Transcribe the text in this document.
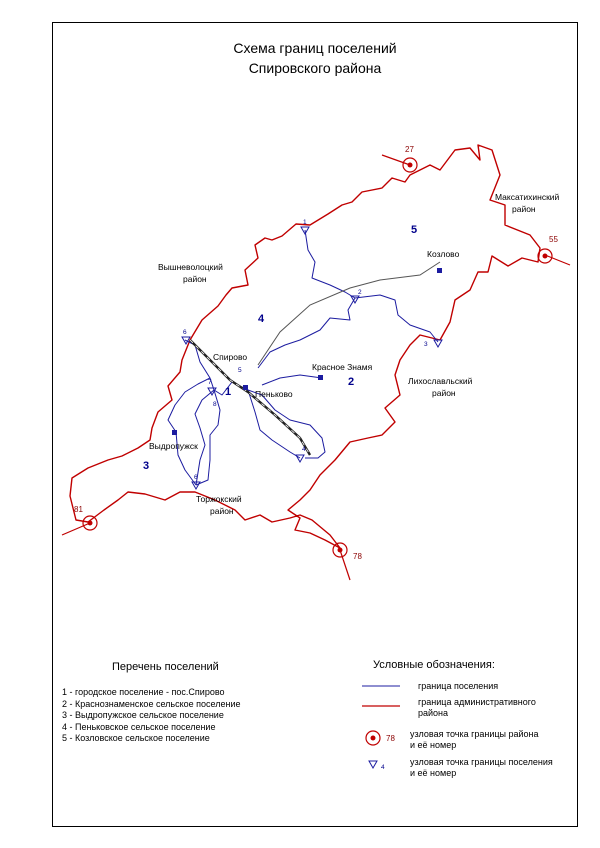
Схема границ поселений
Спировского района
27
55
78
81
1
2
3
4
5
6
6
7
8
5
4
2
1
3
Козлово
Красное Знамя
Спирово
Пеньково
Выдропужск
Максатихинский
район
Вышневолоцкий
район
Лихославльский
район
Торжокский
район
78
4
Перечень поселений
1 - городское поселение - пос.Спирово
2 - Краснознаменское сельское поселение
3 - Выдропужское сельское поселение
4 - Пеньковское сельское поселение
5 - Козловское сельское поселение
Условные обозначения:
граница поселения
граница административного
района
узловая точка границы района
и её номер
узловая точка границы поселения
и её номер
